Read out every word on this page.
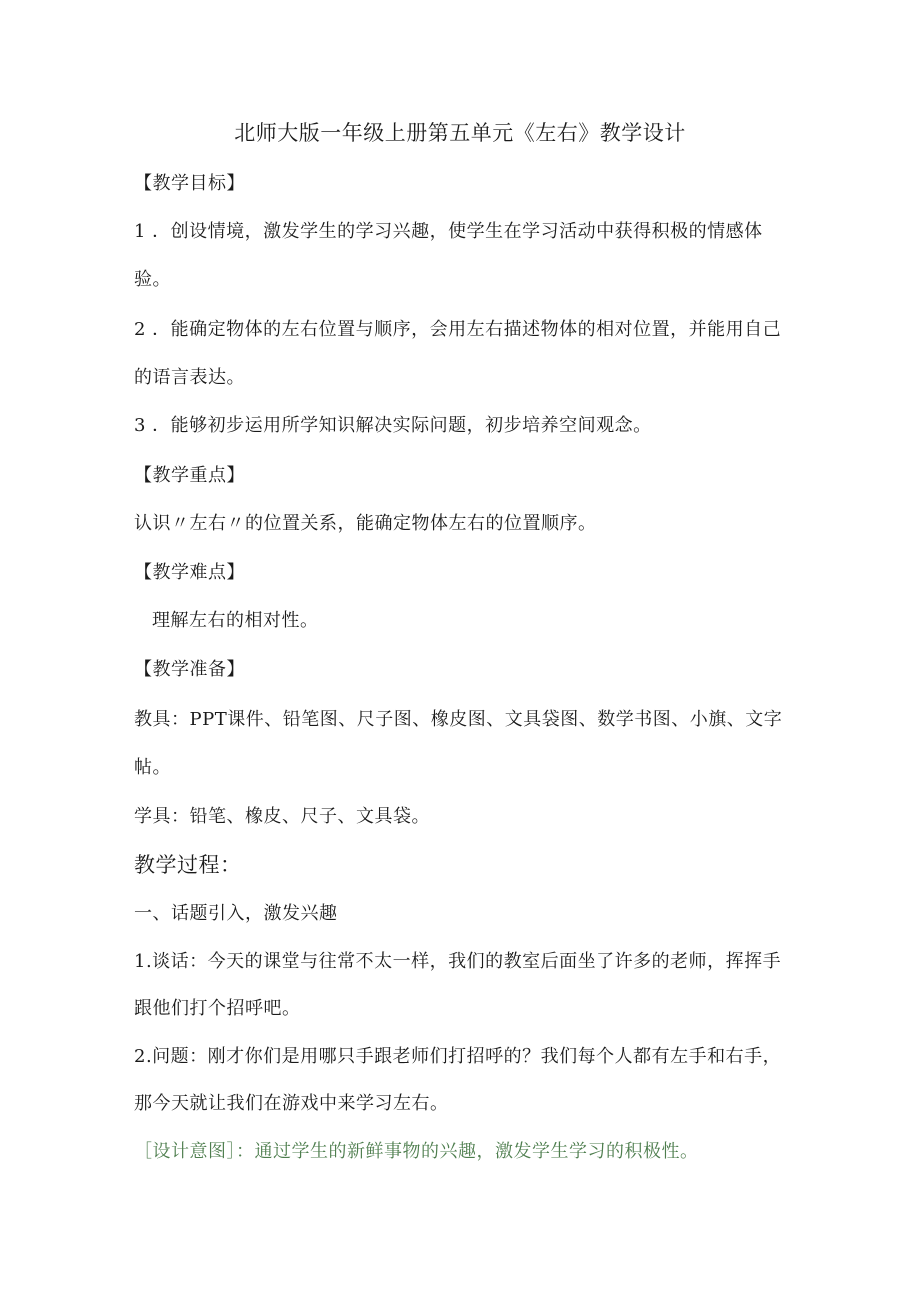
北师大版一年级上册第五单元《左右》教学设计
【教学目标】
1 ．创设情境，激发学生的学习兴趣，使学生在学习活动中获得积极的情感体
验。
2 ．能确定物体的左右位置与顺序，会用左右描述物体的相对位置，并能用自己
的语言表达。
3 ．能够初步运用所学知识解决实际问题，初步培养空间观念。
【教学重点】
认识〃左右〃的位置关系，能确定物体左右的位置顺序。
【教学难点】
理解左右的相对性。
【教学准备】
教具：PPT课件、铅笔图、尺子图、橡皮图、文具袋图、数学书图、小旗、文字
帖。
学具：铅笔、橡皮、尺子、文具袋。
教学过程：
一、话题引入，激发兴趣
1.谈话：今天的课堂与往常不太一样，我们的教室后面坐了许多的老师，挥挥手
跟他们打个招呼吧。
2.问题：刚才你们是用哪只手跟老师们打招呼的？我们每个人都有左手和右手，
那今天就让我们在游戏中来学习左右。
［设计意图］：通过学生的新鲜事物的兴趣，激发学生学习的积极性。
